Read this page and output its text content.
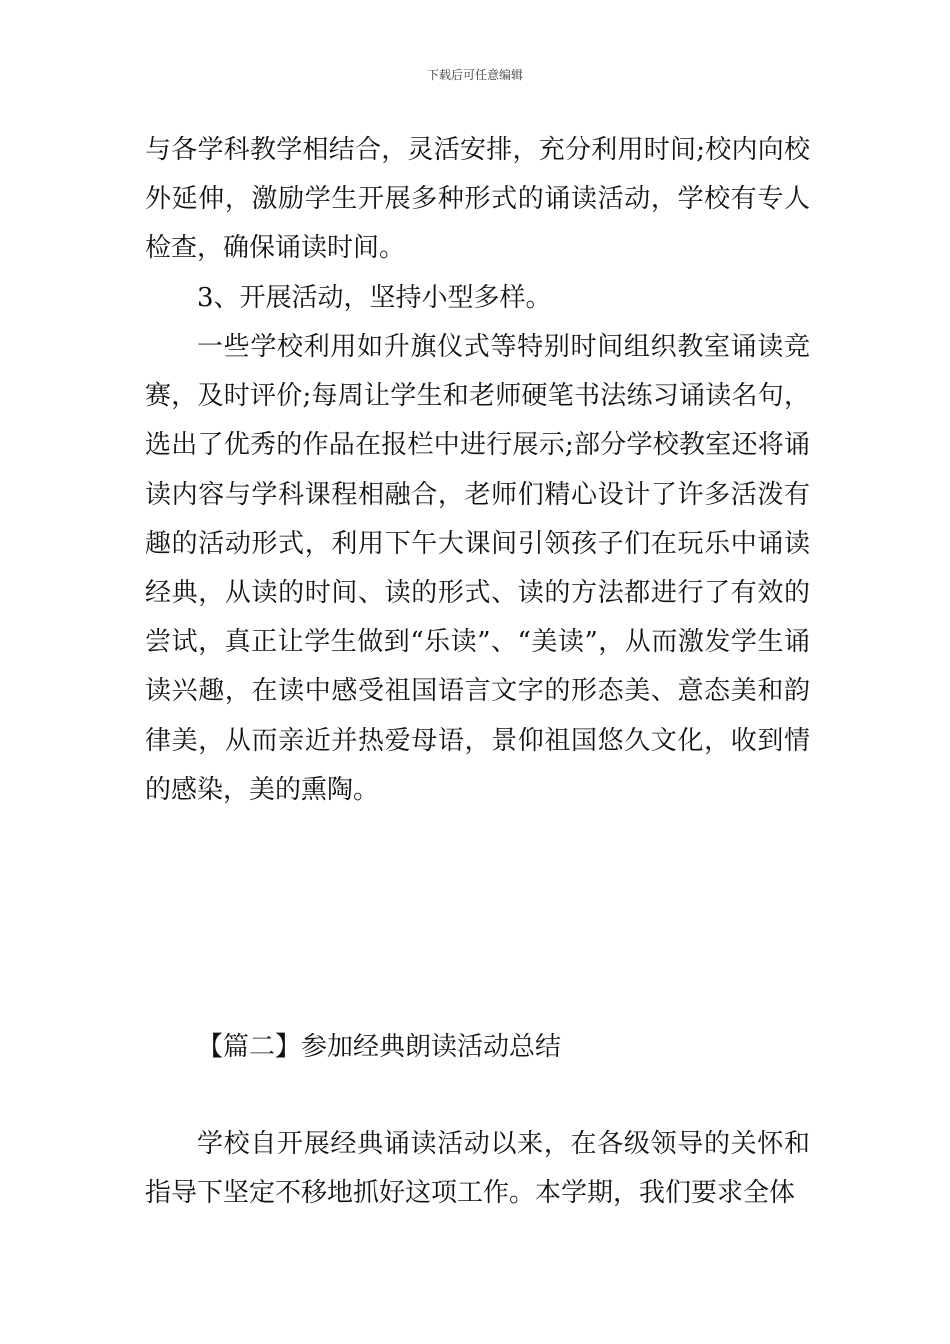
下载后可任意编辑

与各学科教学相结合，灵活安排，充分利用时间;校内向校外延伸，激励学生开展多种形式的诵读活动，学校有专人检查，确保诵读时间。

3、开展活动，坚持小型多样。

一些学校利用如升旗仪式等特别时间组织教室诵读竞赛，及时评价;每周让学生和老师硬笔书法练习诵读名句，选出了优秀的作品在报栏中进行展示;部分学校教室还将诵读内容与学科课程相融合，老师们精心设计了许多活泼有趣的活动形式，利用下午大课间引领孩子们在玩乐中诵读经典，从读的时间、读的形式、读的方法都进行了有效的尝试，真正让学生做到“乐读”、“美读”，从而激发学生诵读兴趣，在读中感受祖国语言文字的形态美、意态美和韵律美，从而亲近并热爱母语，景仰祖国悠久文化，收到情的感染，美的熏陶。

【篇二】参加经典朗读活动总结

学校自开展经典诵读活动以来，在各级领导的关怀和指导下坚定不移地抓好这项工作。本学期，我们要求全体
